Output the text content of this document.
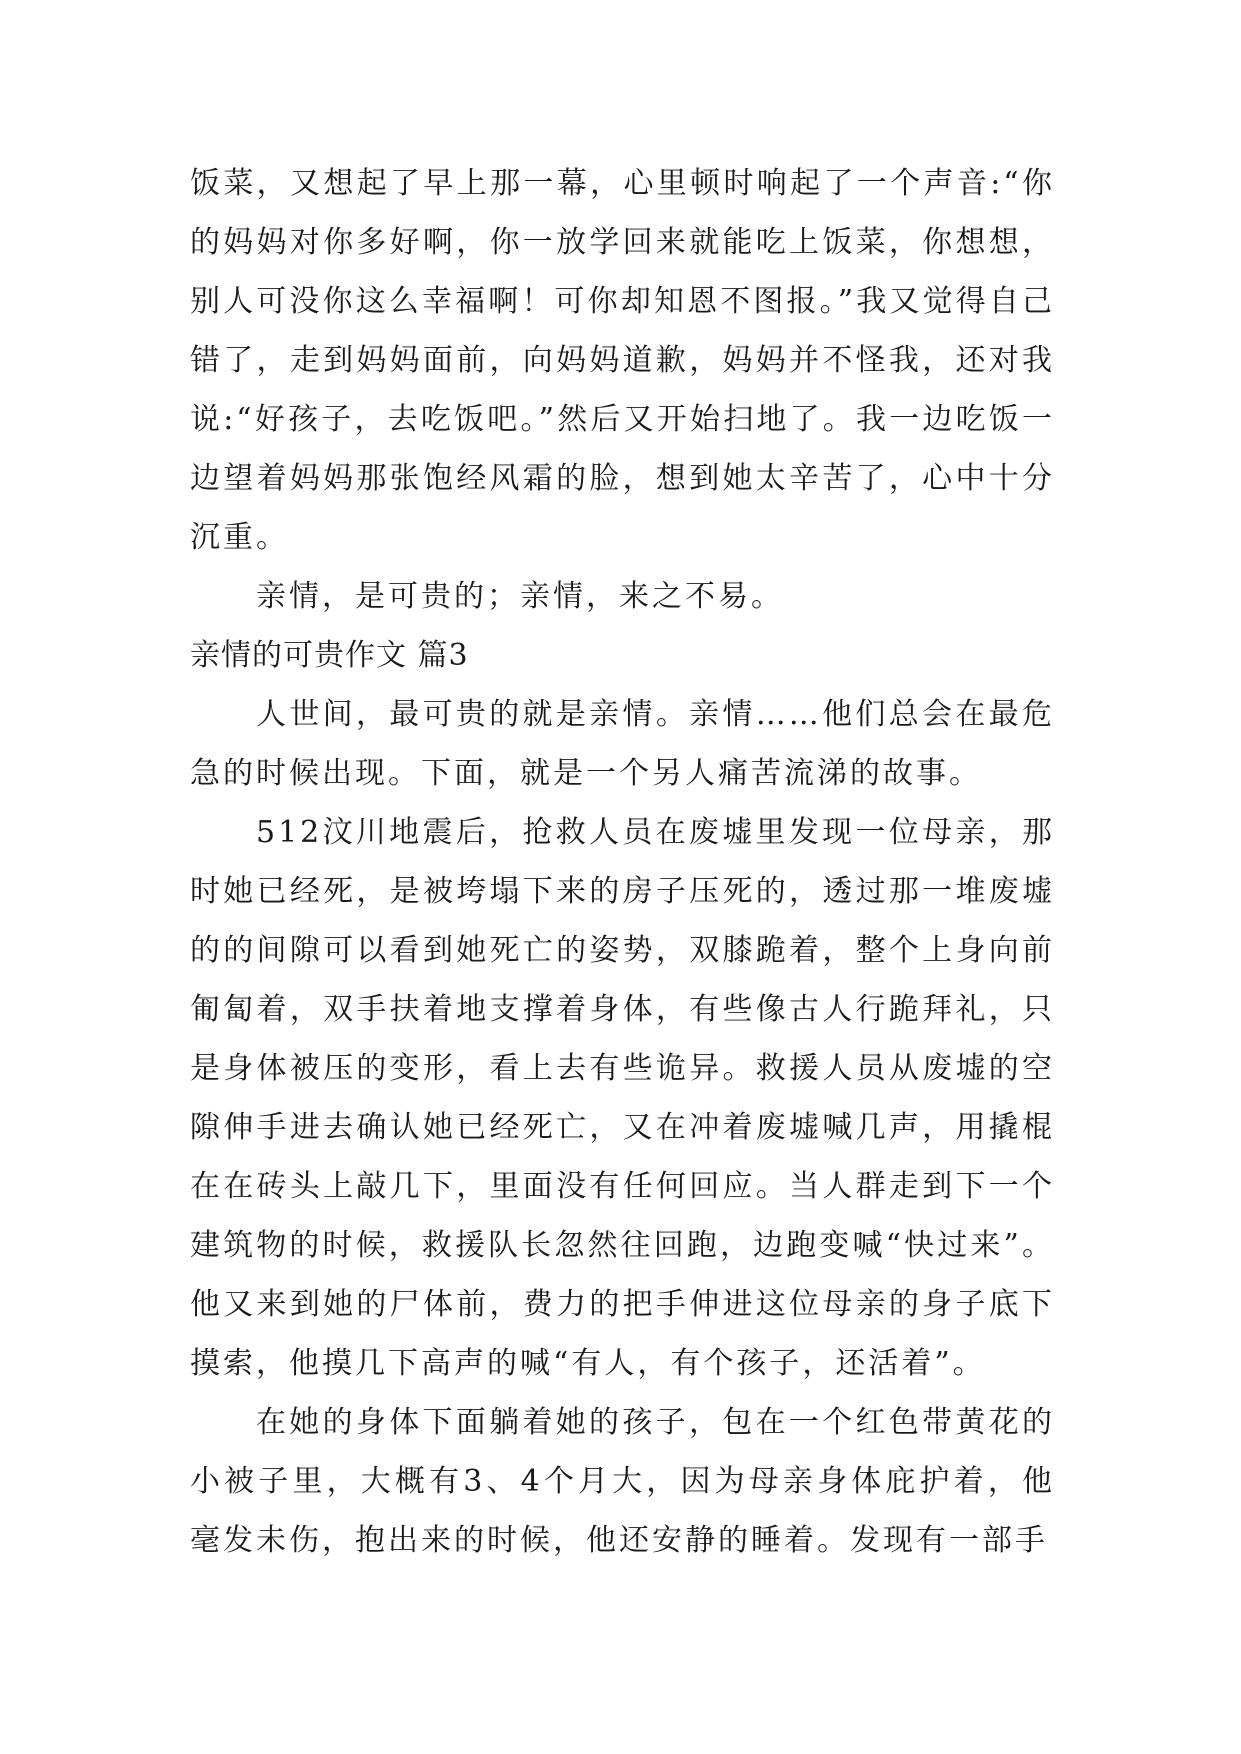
饭菜，又想起了早上那一幕，心里顿时响起了一个声音:“你的妈妈对你多好啊，你一放学回来就能吃上饭菜，你想想，别人可没你这么幸福啊！可你却知恩不图报。”我又觉得自己错了，走到妈妈面前，向妈妈道歉，妈妈并不怪我，还对我说:“好孩子，去吃饭吧。”然后又开始扫地了。我一边吃饭一边望着妈妈那张饱经风霜的脸，想到她太辛苦了，心中十分沉重。

亲情，是可贵的；亲情，来之不易。

亲情的可贵作文 篇3

人世间，最可贵的就是亲情。亲情……他们总会在最危急的时候出现。下面，就是一个另人痛苦流涕的故事。

512汶川地震后，抢救人员在废墟里发现一位母亲，那时她已经死，是被垮塌下来的房子压死的，透过那一堆废墟的的间隙可以看到她死亡的姿势，双膝跪着，整个上身向前匍匐着，双手扶着地支撑着身体，有些像古人行跪拜礼，只是身体被压的变形，看上去有些诡异。救援人员从废墟的空隙伸手进去确认她已经死亡，又在冲着废墟喊几声，用撬棍在在砖头上敲几下，里面没有任何回应。当人群走到下一个建筑物的时候，救援队长忽然往回跑，边跑变喊“快过来”。他又来到她的尸体前，费力的把手伸进这位母亲的身子底下摸索，他摸几下高声的喊“有人，有个孩子，还活着”。

在她的身体下面躺着她的孩子，包在一个红色带黄花的小被子里，大概有3、4个月大，因为母亲身体庇护着，他毫发未伤，抱出来的时候，他还安静的睡着。发现有一部手
